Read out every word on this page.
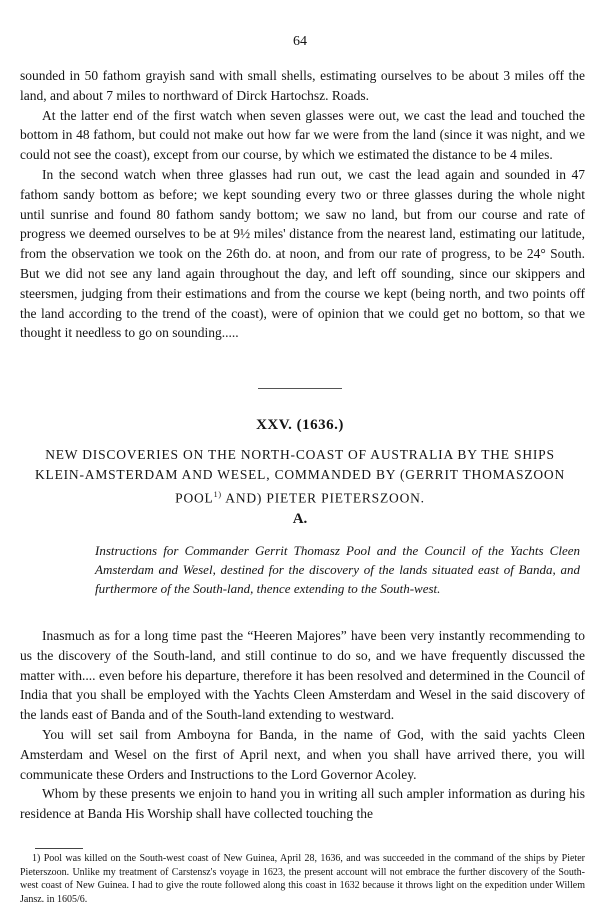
64

sounded in 50 fathom grayish sand with small shells, estimating ourselves to be about 3 miles off the land, and about 7 miles to northward of Dirck Hartochsz. Roads.

At the latter end of the first watch when seven glasses were out, we cast the lead and touched the bottom in 48 fathom, but could not make out how far we were from the land (since it was night, and we could not see the coast), except from our course, by which we estimated the distance to be 4 miles.

In the second watch when three glasses had run out, we cast the lead again and sounded in 47 fathom sandy bottom as before; we kept sounding every two or three glasses during the whole night until sunrise and found 80 fathom sandy bottom; we saw no land, but from our course and rate of progress we deemed ourselves to be at 9½ miles' distance from the nearest land, estimating our latitude, from the observation we took on the 26th do. at noon, and from our rate of progress, to be 24° South. But we did not see any land again throughout the day, and left off sounding, since our skippers and steersmen, judging from their estimations and from the course we kept (being north, and two points off the land according to the trend of the coast), were of opinion that we could get no bottom, so that we thought it needless to go on sounding.....

XXV. (1636.)
NEW DISCOVERIES ON THE NORTH-COAST OF AUSTRALIA BY THE SHIPS KLEIN-AMSTERDAM AND WESEL, COMMANDED BY (GERRIT THOMASZOON POOL$^{1)}$ AND) PIETER PIETERSZOON.
A.
Instructions for Commander Gerrit Thomasz Pool and the Council of the Yachts Cleen Amsterdam and Wesel, destined for the discovery of the lands situated east of Banda, and furthermore of the South-land, thence extending to the South-west.

Inasmuch as for a long time past the “Heeren Majores” have been very instantly recommending to us the discovery of the South-land, and still continue to do so, and we have frequently discussed the matter with.... even before his departure, therefore it has been resolved and determined in the Council of India that you shall be employed with the Yachts Cleen Amsterdam and Wesel in the said discovery of the lands east of Banda and of the South-land extending to westward.

You will set sail from Amboyna for Banda, in the name of God, with the said yachts Cleen Amsterdam and Wesel on the first of April next, and when you shall have arrived there, you will communicate these Orders and Instructions to the Lord Governor Acoley.

Whom by these presents we enjoin to hand you in writing all such ampler information as during his residence at Banda His Worship shall have collected touching the

1) Pool was killed on the South-west coast of New Guinea, April 28, 1636, and was succeeded in the command of the ships by Pieter Pieterszoon. Unlike my treatment of Carstensz's voyage in 1623, the present account will not embrace the further discovery of the South-west coast of New Guinea. I had to give the route followed along this coast in 1632 because it throws light on the expedition under Willem Jansz. in 1605/6.
